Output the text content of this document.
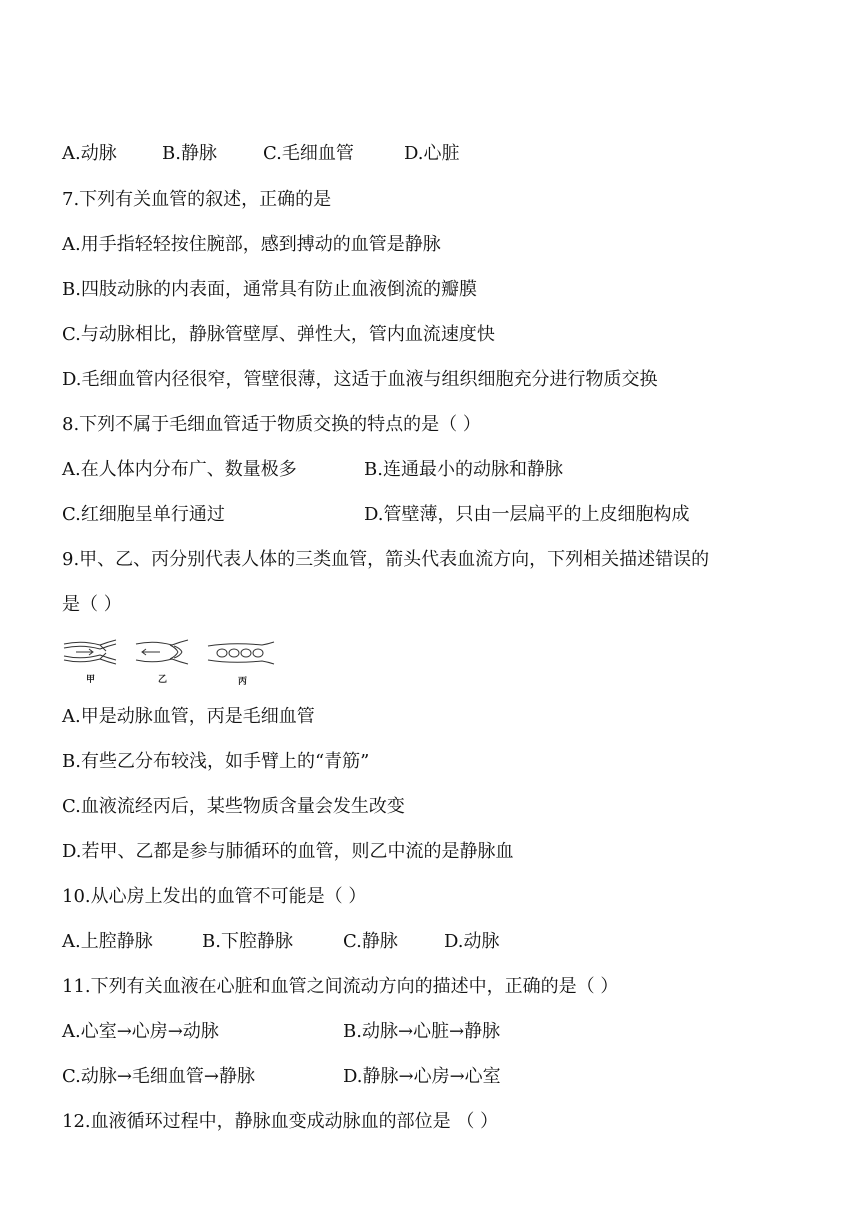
A.动脉	B.静脉	C.毛细血管	D.心脏
7.下列有关血管的叙述，正确的是
A.用手指轻轻按住腕部，感到搏动的血管是静脉
B.四肢动脉的内表面，通常具有防止血液倒流的瓣膜
C.与动脉相比，静脉管壁厚、弹性大，管内血流速度快
D.毛细血管内径很窄，管壁很薄，这适于血液与组织细胞充分进行物质交换
8.下列不属于毛细血管适于物质交换的特点的是（ ）
A.在人体内分布广、数量极多	B.连通最小的动脉和静脉
C.红细胞呈单行通过	D.管壁薄，只由一层扁平的上皮细胞构成
9.甲、乙、丙分别代表人体的三类血管，箭头代表血流方向，下列相关描述错误的
是（ ）
甲	乙	丙
A.甲是动脉血管，丙是毛细血管
B.有些乙分布较浅，如手臂上的“青筋”
C.血液流经丙后，某些物质含量会发生改变
D.若甲、乙都是参与肺循环的血管，则乙中流的是静脉血
10.从心房上发出的血管不可能是（ ）
A.上腔静脉	B.下腔静脉	C.静脉	D.动脉
11.下列有关血液在心脏和血管之间流动方向的描述中，正确的是（ ）
A.心室→心房→动脉	B.动脉→心脏→静脉
C.动脉→毛细血管→静脉	D.静脉→心房→心室
12.血液循环过程中，静脉血变成动脉血的部位是 （ ）
